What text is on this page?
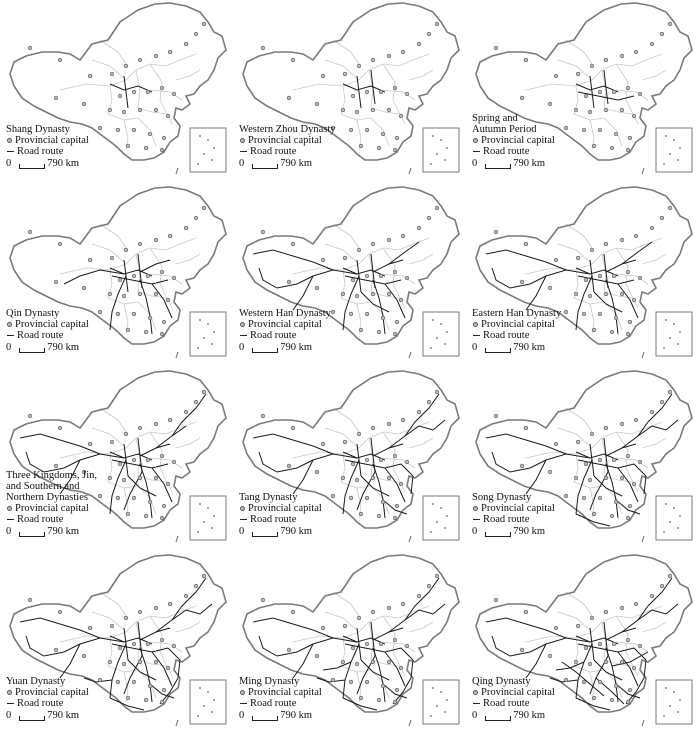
Shang Dynasty
Provincial capital
Road route
0	790 km
Western Zhou Dynasty
Provincial capital
Road route
0	790 km
Spring and
Autumn Period
Provincial capital
Road route
0	790 km
Qin Dynasty
Provincial capital
Road route
0	790 km
Western Han Dynasty
Provincial capital
Road route
0	790 km
Eastern Han Dynasty
Provincial capital
Road route
0	790 km
Three Kingdoms, Jin,
and Southern and
Northern Dynasties
Provincial capital
Road route
0	790 km
Tang Dynasty
Provincial capital
Road route
0	790 km
Song Dynasty
Provincial capital
Road route
0	790 km
Yuan Dynasty
Provincial capital
Road route
0	790 km
Ming Dynasty
Provincial capital
Road route
0	790 km
Qing Dynasty
Provincial capital
Road route
0	790 km
